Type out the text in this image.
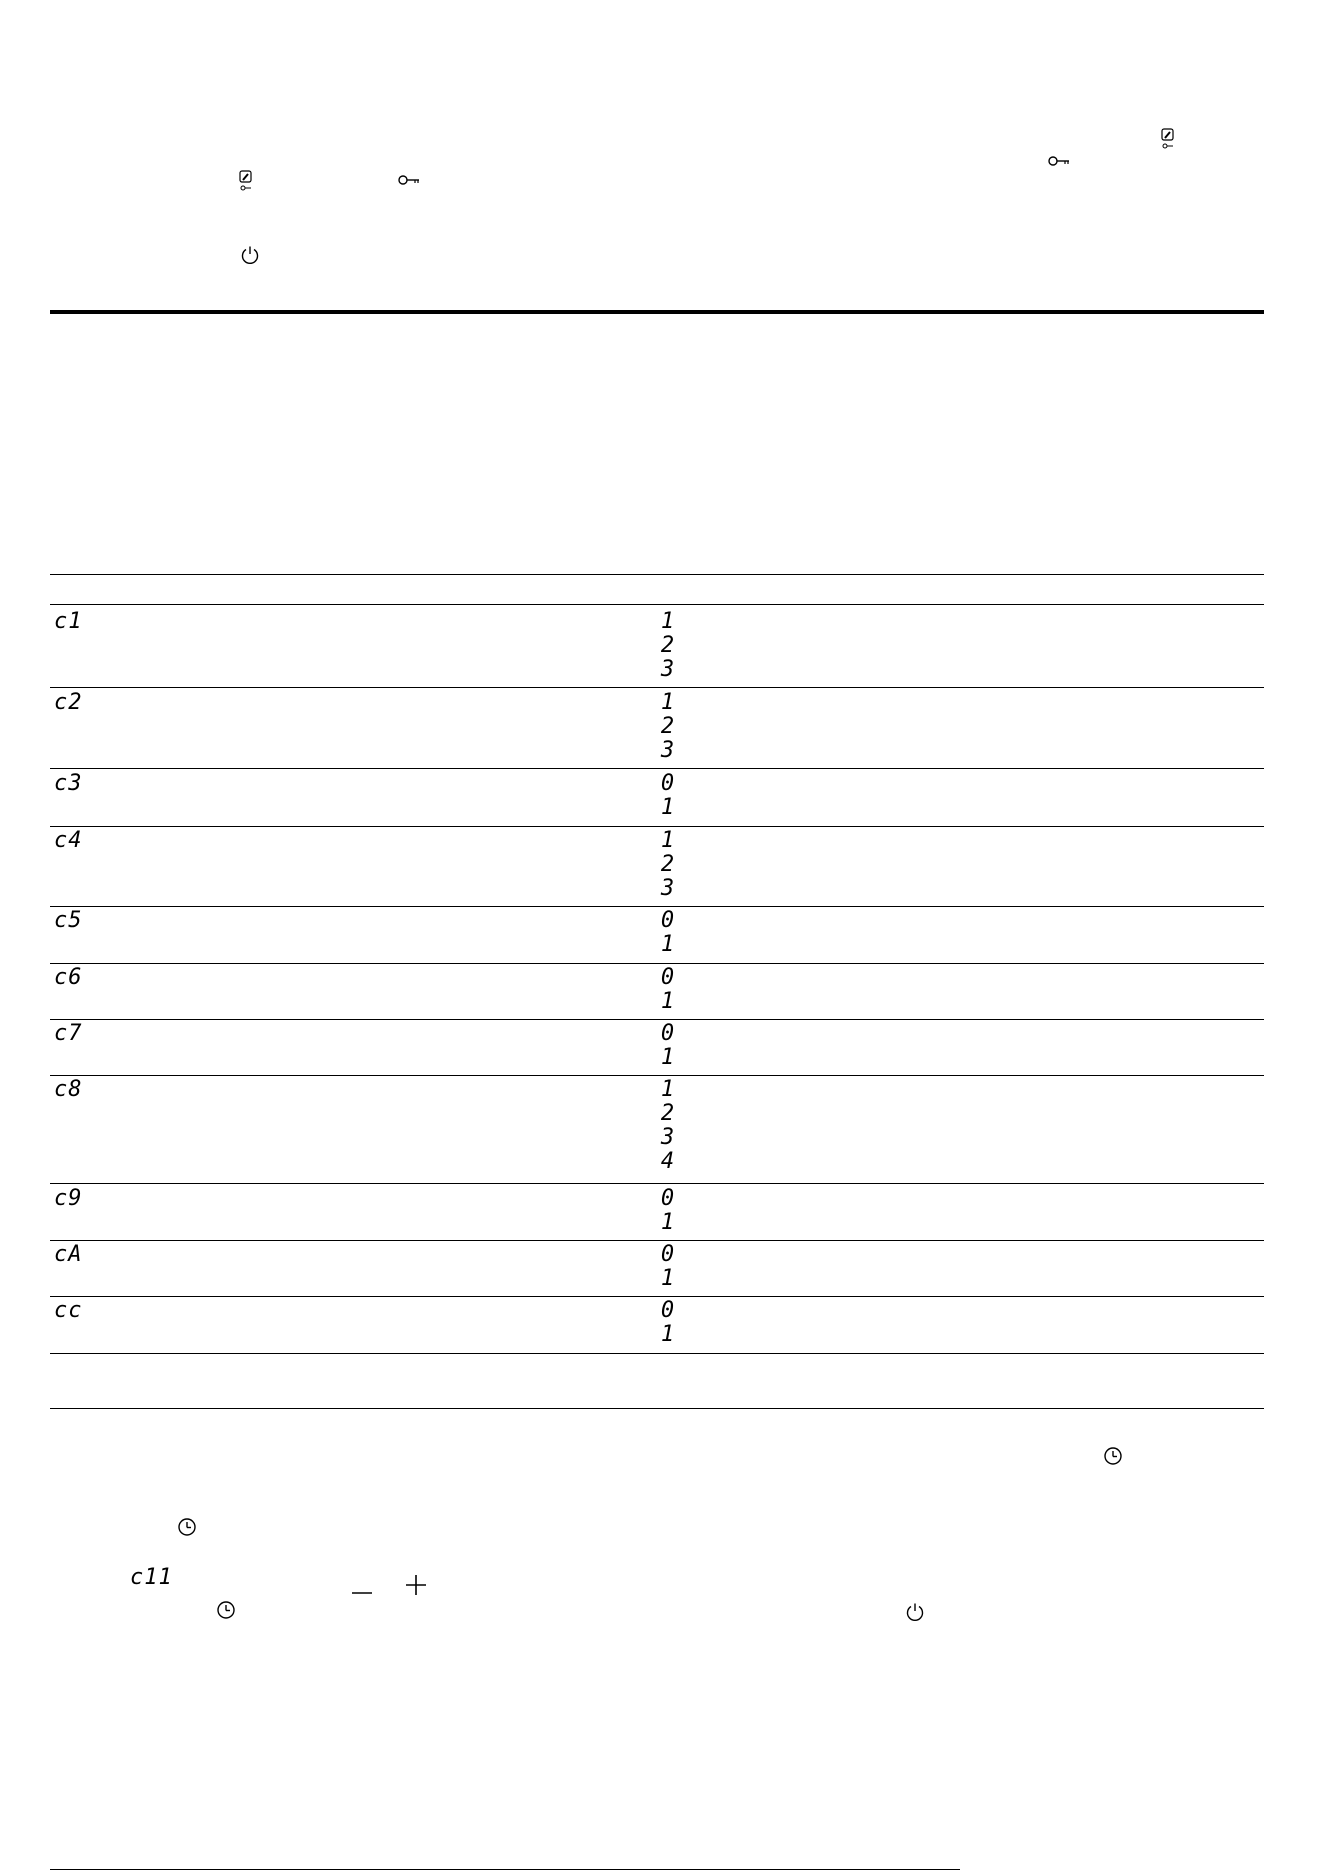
c1	1
2
3
c2	1
2
3
c3	0
1
c4	1
2
3
c5	0
1
c6	0
1
c7	0
1
c8	1
2
3
4
c9	0
1
cA	0
1
cc	0
1
c11
